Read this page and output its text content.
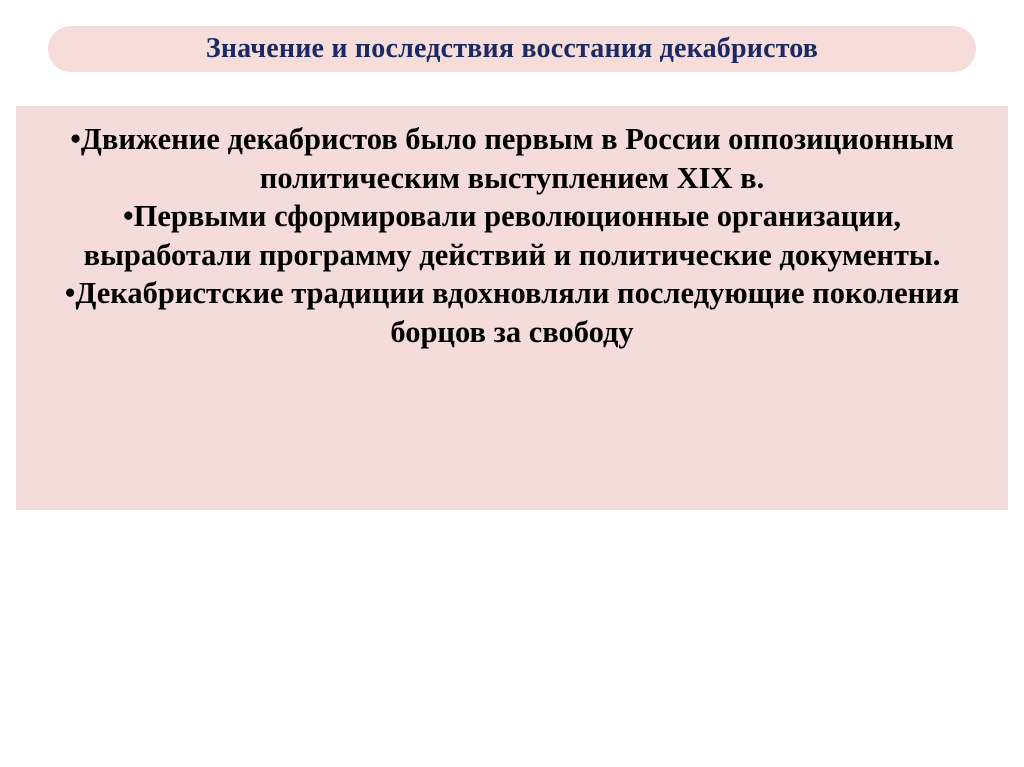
Значение и последствия восстания декабристов

•Движение декабристов было первым в России оппозиционным политическим выступлением XIX в.

•Первыми сформировали революционные организации, выработали программу действий и политические документы.

•Декабристские традиции вдохновляли последующие поколения борцов за свободу
